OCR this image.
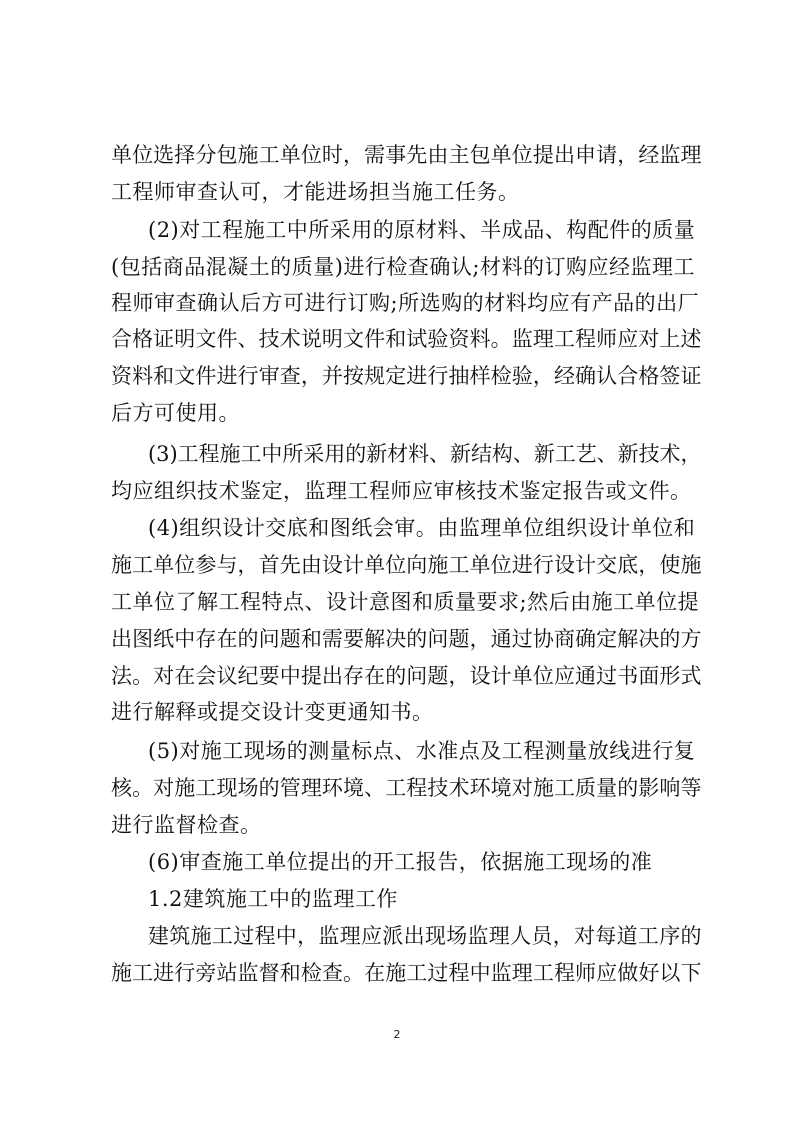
单位选择分包施工单位时，需事先由主包单位提出申请，经监理
工程师审查认可，才能进场担当施工任务。
(2)对工程施工中所采用的原材料、半成品、构配件的质量
(包括商品混凝土的质量)进行检查确认;材料的订购应经监理工
程师审查确认后方可进行订购;所选购的材料均应有产品的出厂
合格证明文件、技术说明文件和试验资料。监理工程师应对上述
资料和文件进行审查，并按规定进行抽样检验，经确认合格签证
后方可使用。
(3)工程施工中所采用的新材料、新结构、新工艺、新技术，
均应组织技术鉴定，监理工程师应审核技术鉴定报告或文件。
(4)组织设计交底和图纸会审。由监理单位组织设计单位和
施工单位参与，首先由设计单位向施工单位进行设计交底，使施
工单位了解工程特点、设计意图和质量要求;然后由施工单位提
出图纸中存在的问题和需要解决的问题，通过协商确定解决的方
法。对在会议纪要中提出存在的问题，设计单位应通过书面形式
进行解释或提交设计变更通知书。
(5)对施工现场的测量标点、水准点及工程测量放线进行复
核。对施工现场的管理环境、工程技术环境对施工质量的影响等
进行监督检查。
(6)审查施工单位提出的开工报告，依据施工现场的准
1.2建筑施工中的监理工作
建筑施工过程中，监理应派出现场监理人员，对每道工序的
施工进行旁站监督和检查。在施工过程中监理工程师应做好以下
2
